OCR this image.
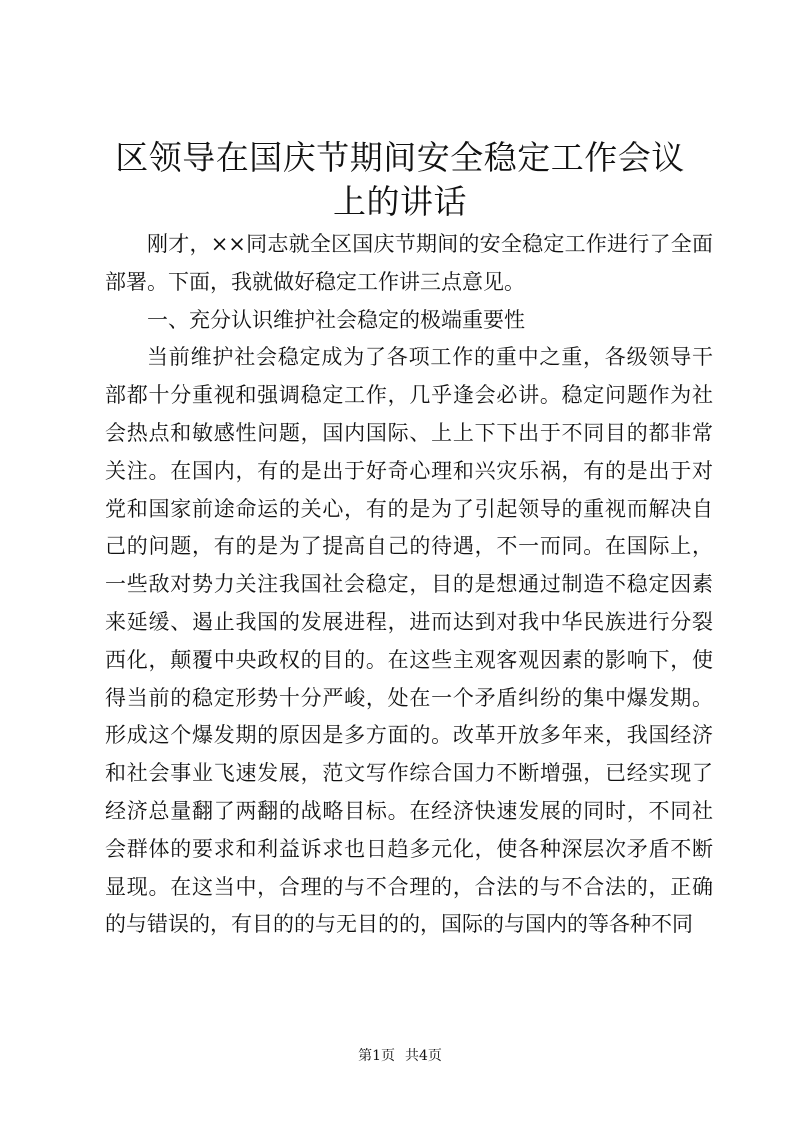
区领导在国庆节期间安全稳定工作会议上的讲话

刚才，××同志就全区国庆节期间的安全稳定工作进行了全面部署。下面，我就做好稳定工作讲三点意见。

一、充分认识维护社会稳定的极端重要性

当前维护社会稳定成为了各项工作的重中之重，各级领导干部都十分重视和强调稳定工作，几乎逢会必讲。稳定问题作为社会热点和敏感性问题，国内国际、上上下下出于不同目的都非常关注。在国内，有的是出于好奇心理和兴灾乐祸，有的是出于对党和国家前途命运的关心，有的是为了引起领导的重视而解决自己的问题，有的是为了提高自己的待遇，不一而同。在国际上，一些敌对势力关注我国社会稳定，目的是想通过制造不稳定因素来延缓、遏止我国的发展进程，进而达到对我中华民族进行分裂西化，颠覆中央政权的目的。在这些主观客观因素的影响下，使得当前的稳定形势十分严峻，处在一个矛盾纠纷的集中爆发期。形成这个爆发期的原因是多方面的。改革开放多年来，我国经济和社会事业飞速发展，范文写作综合国力不断增强，已经实现了经济总量翻了两翻的战略目标。在经济快速发展的同时，不同社会群体的要求和利益诉求也日趋多元化，使各种深层次矛盾不断显现。在这当中，合理的与不合理的，合法的与不合法的，正确的与错误的，有目的的与无目的的，国际的与国内的等各种不同

第1页 共4页
